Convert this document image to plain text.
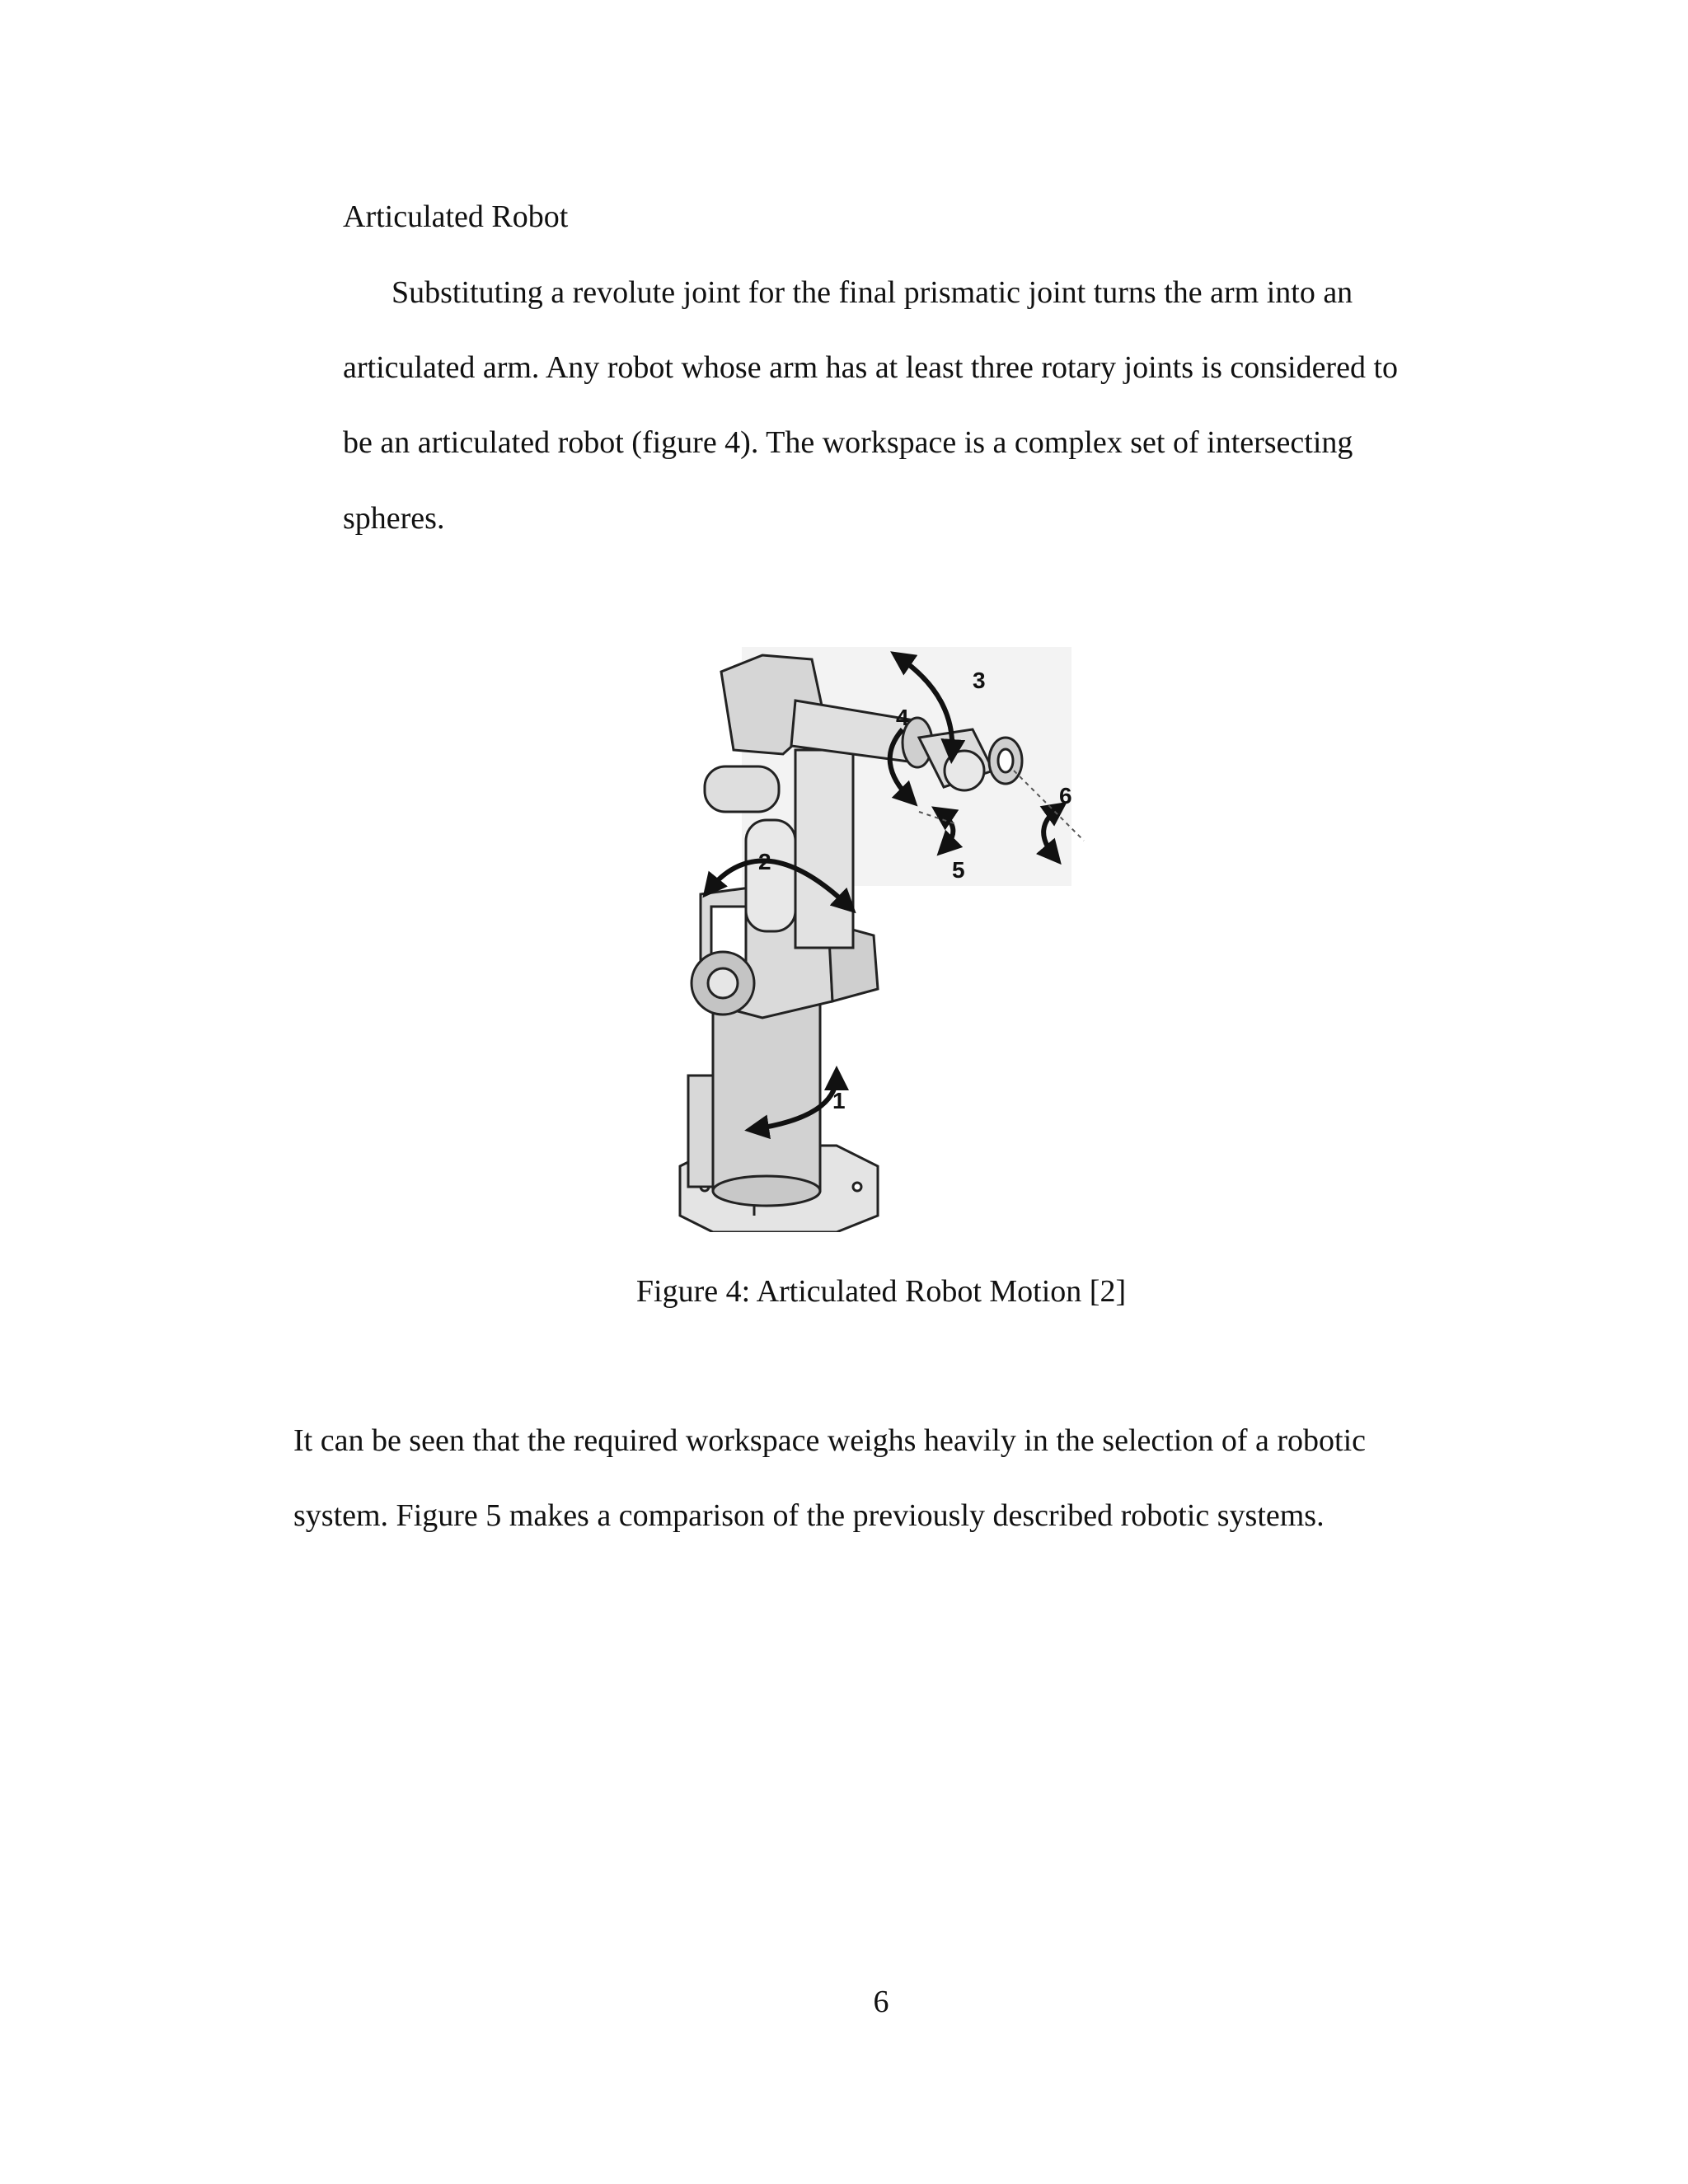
Articulated Robot
Substituting a revolute joint for the final prismatic joint turns the arm into an
articulated arm. Any robot whose arm has at least three rotary joints is considered to
be an articulated robot (figure 4). The workspace is a complex set of intersecting
spheres.
1
2
3
4
5
6
Figure 4: Articulated Robot Motion [2]
It can be seen that the required workspace weighs heavily in the selection of a robotic
system. Figure 5 makes a comparison of the previously described robotic systems.
6
